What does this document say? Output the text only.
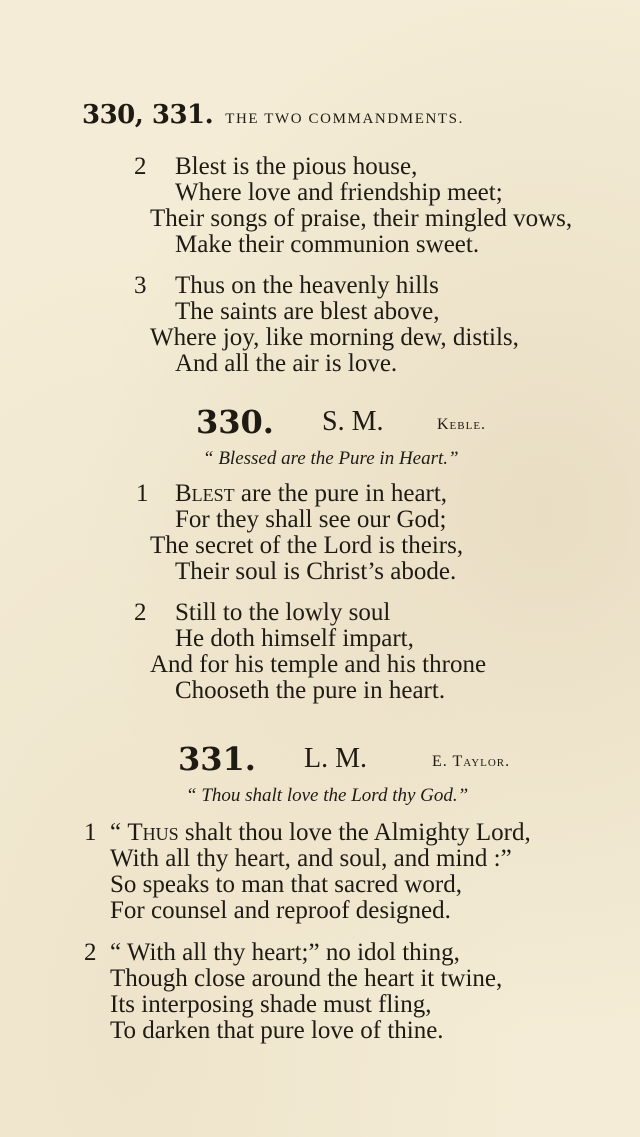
330, 331. THE TWO COMMANDMENTS.
2 Blest is the pious house,
Where love and friendship meet;
Their songs of praise, their mingled vows,
Make their communion sweet.
3 Thus on the heavenly hills
The saints are blest above,
Where joy, like morning dew, distils,
And all the air is love.
330. S. M.	Keble.
“ Blessed are the Pure in Heart.”
1 Blest are the pure in heart,
For they shall see our God;
The secret of the Lord is theirs,
Their soul is Christ’s abode.
2 Still to the lowly soul
He doth himself impart,
And for his temple and his throne
Chooseth the pure in heart.
331. L. M.	E. Taylor.
“ Thou shalt love the Lord thy God.”
1 “ Thus shalt thou love the Almighty Lord,
With all thy heart, and soul, and mind :”
So speaks to man that sacred word,
For counsel and reproof designed.
2 “ With all thy heart;” no idol thing,
Though close around the heart it twine,
Its interposing shade must fling,
To darken that pure love of thine.
